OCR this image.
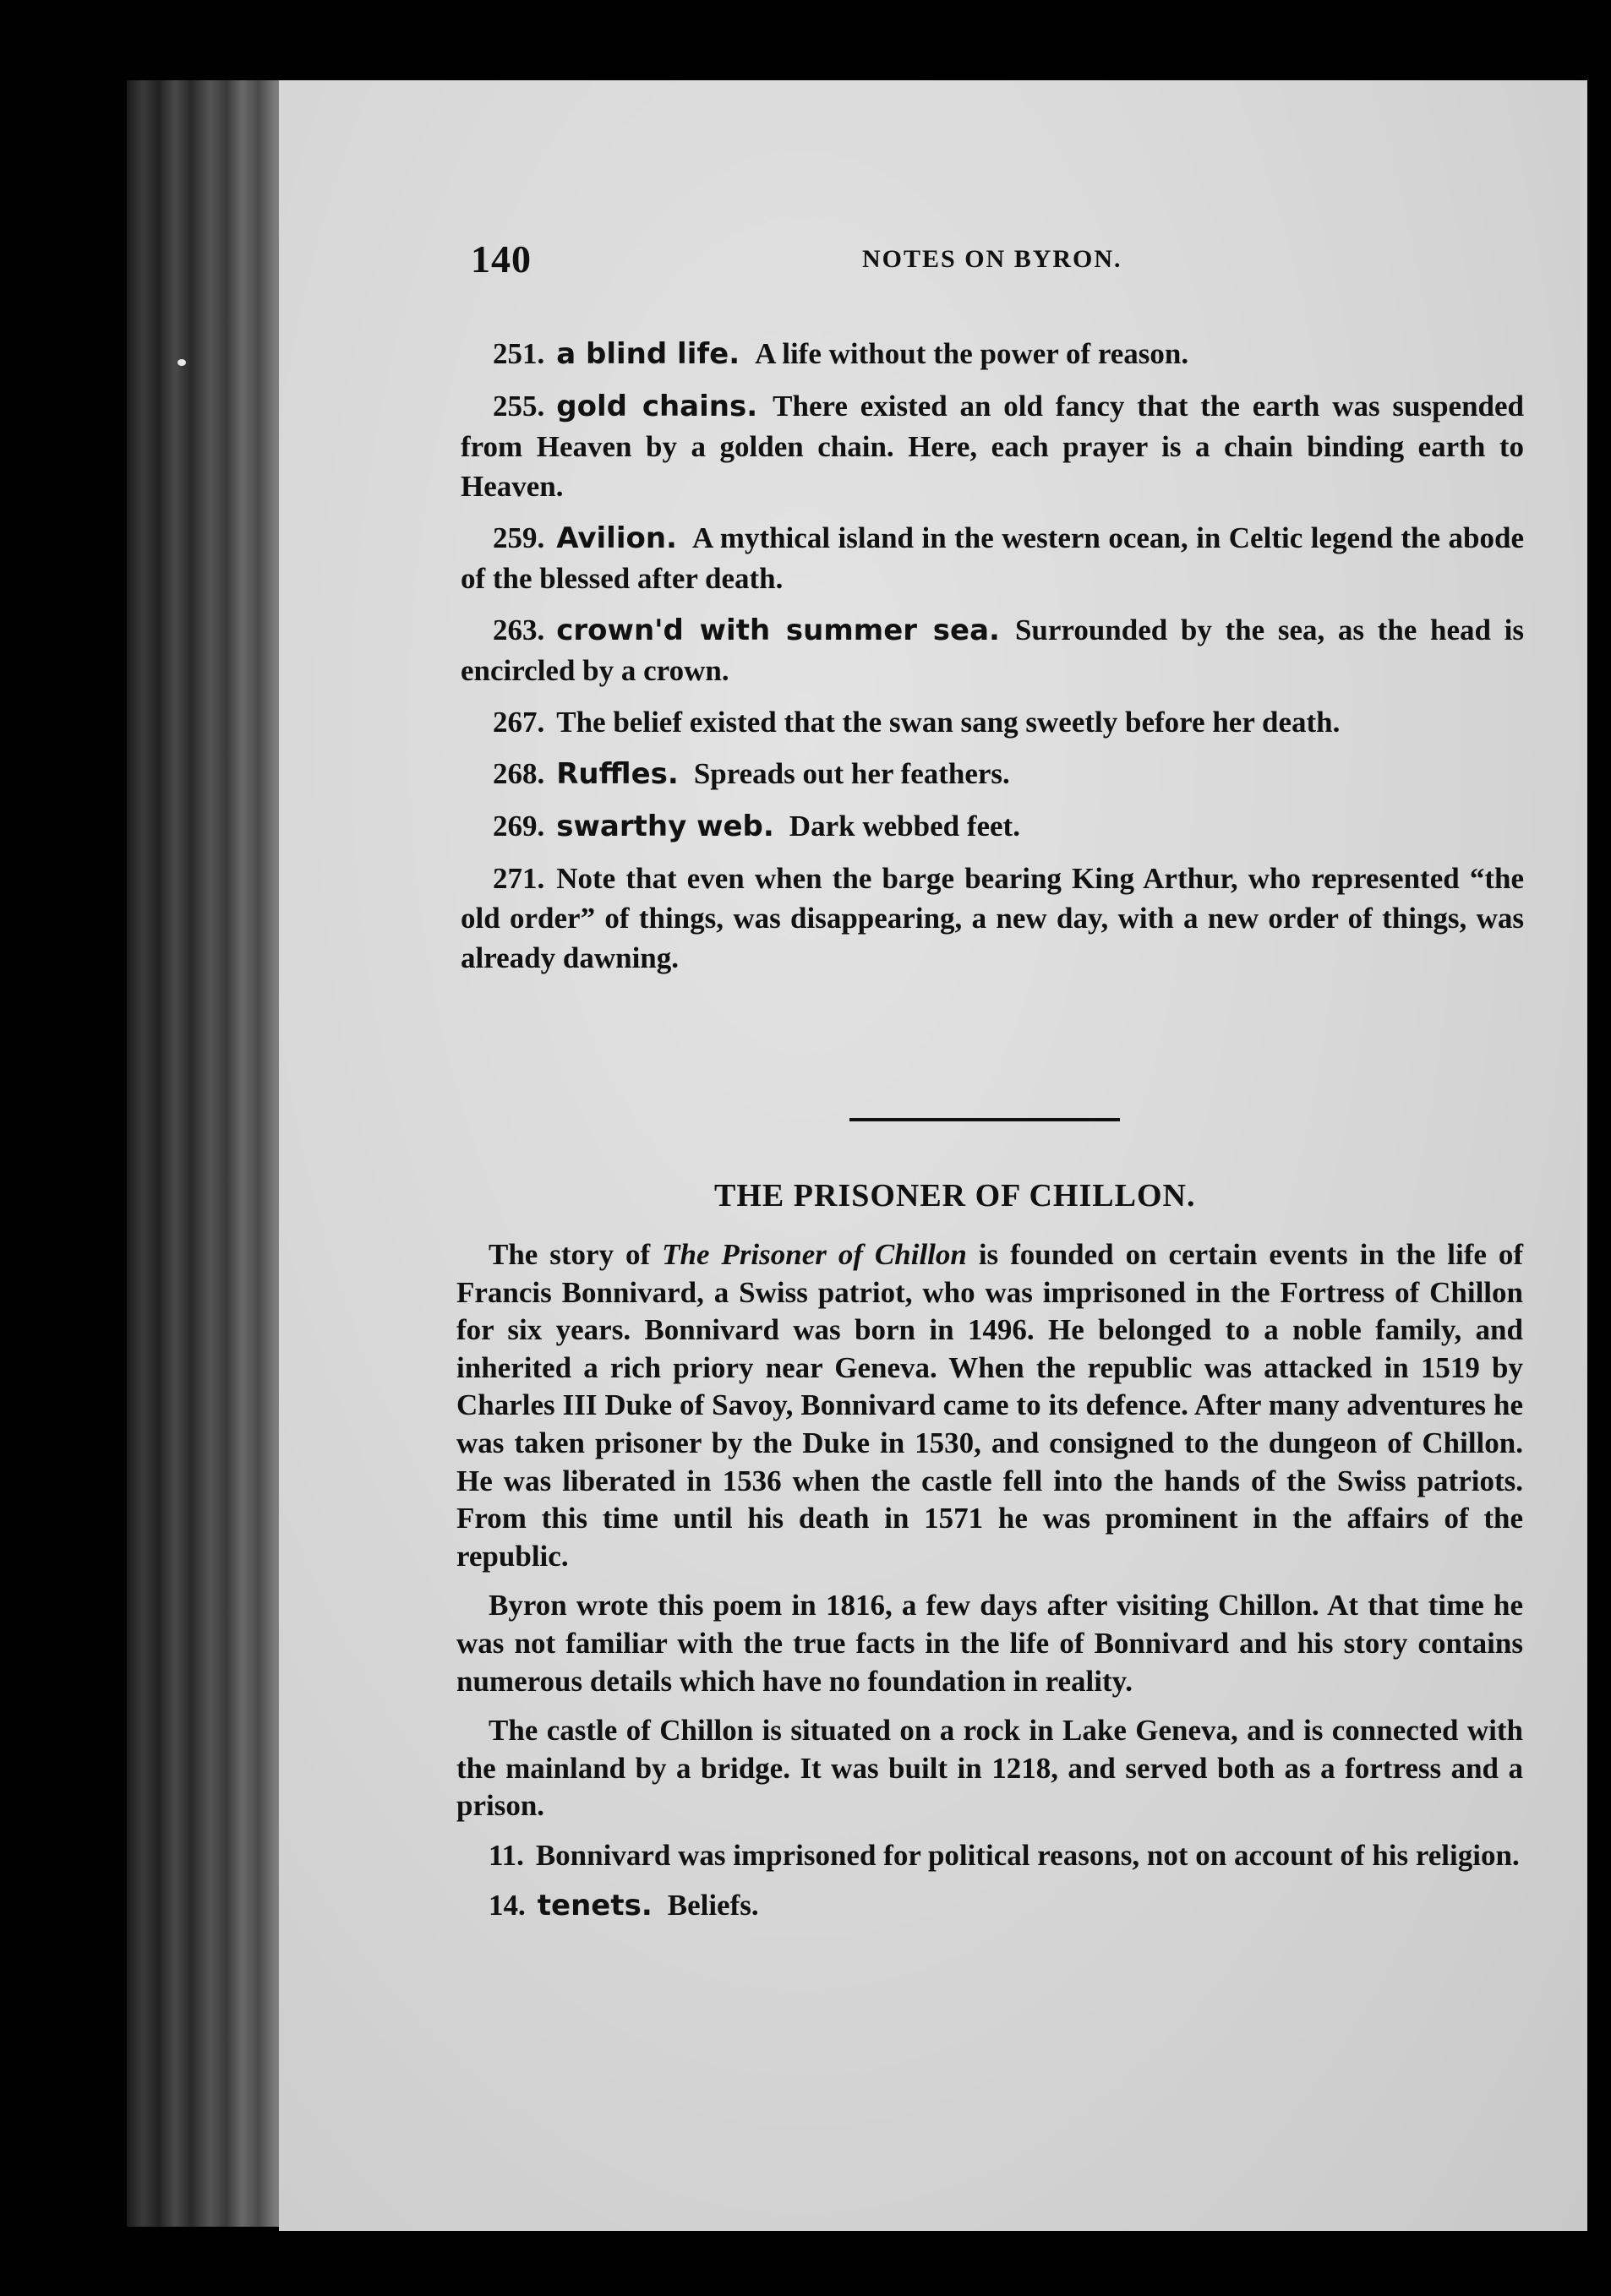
140	NOTES ON BYRON.

251. a blind life. A life without the power of reason.

255. gold chains. There existed an old fancy that the earth was suspended from Heaven by a golden chain. Here, each prayer is a chain binding earth to Heaven.

259. Avilion. A mythical island in the western ocean, in Celtic legend the abode of the blessed after death.

263. crown'd with summer sea. Surrounded by the sea, as the head is encircled by a crown.

267. The belief existed that the swan sang sweetly before her death.

268. Ruffles. Spreads out her feathers.

269. swarthy web. Dark webbed feet.

271. Note that even when the barge bearing King Arthur, who represented “the old order” of things, was disappearing, a new day, with a new order of things, was already dawning.

THE PRISONER OF CHILLON.

The story of The Prisoner of Chillon is founded on certain events in the life of Francis Bonnivard, a Swiss patriot, who was imprisoned in the Fortress of Chillon for six years. Bonnivard was born in 1496. He belonged to a noble family, and inherited a rich priory near Geneva. When the republic was attacked in 1519 by Charles III Duke of Savoy, Bonnivard came to its defence. After many adventures he was taken prisoner by the Duke in 1530, and consigned to the dungeon of Chillon. He was liberated in 1536 when the castle fell into the hands of the Swiss patriots. From this time until his death in 1571 he was prominent in the affairs of the republic.

Byron wrote this poem in 1816, a few days after visiting Chillon. At that time he was not familiar with the true facts in the life of Bonnivard and his story contains numerous details which have no foundation in reality.

The castle of Chillon is situated on a rock in Lake Geneva, and is connected with the mainland by a bridge. It was built in 1218, and served both as a fortress and a prison.

11. Bonnivard was imprisoned for political reasons, not on account of his religion.

14. tenets. Beliefs.
